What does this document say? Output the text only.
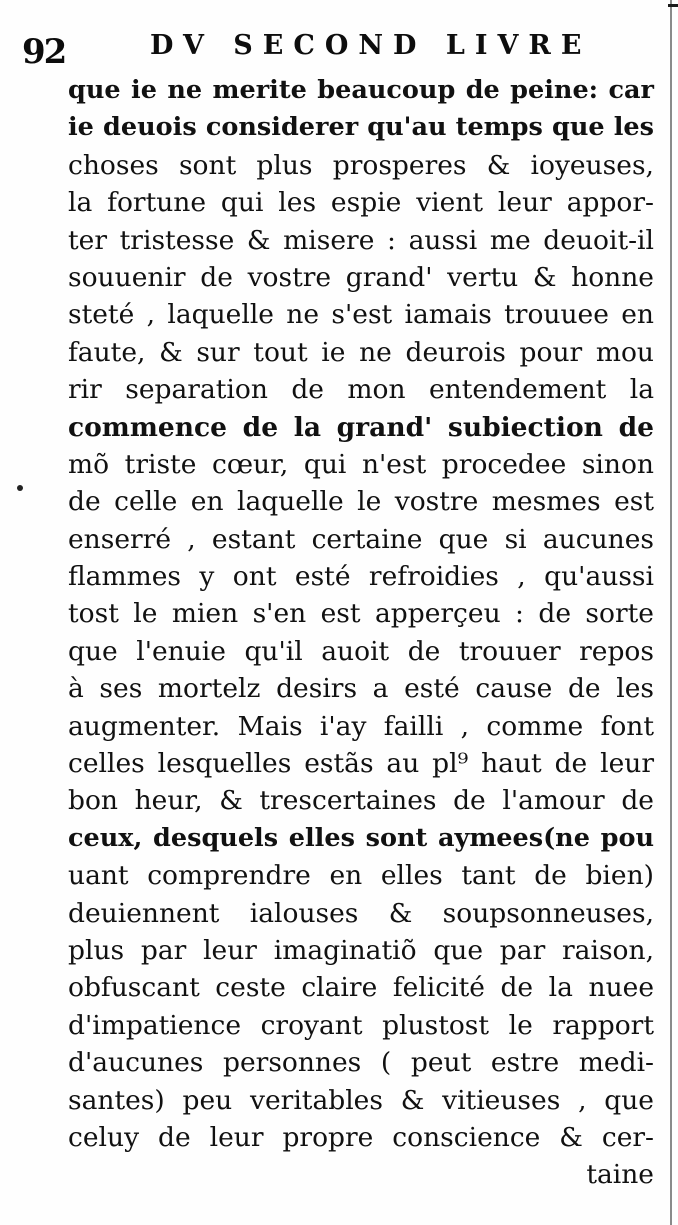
92	DV SECOND LIVRE
que ie ne merite beaucoup de peine: car
ie deuois considerer qu'au temps que les
choses sont plus prosperes & ioyeuses,
la fortune qui les espie vient leur appor-
ter tristesse & misere : aussi me deuoit-il
souuenir de vostre grand' vertu & honne
steté , laquelle ne s'est iamais trouuee en
faute, & sur tout ie ne deurois pour mou
rir separation de mon entendement la
commence de la grand' subiection de
mõ triste cœur, qui n'est procedee sinon
de celle en laquelle le vostre mesmes est
enserré , estant certaine que si aucunes
flammes y ont esté refroidies , qu'aussi
tost le mien s'en est apperçeu : de sorte
que l'enuie qu'il auoit de trouuer repos
à ses mortelz desirs a esté cause de les
augmenter. Mais i'ay failli , comme font
celles lesquelles estãs au pl⁹ haut de leur
bon heur, & trescertaines de l'amour de
ceux, desquels elles sont aymees(ne pou
uant comprendre en elles tant de bien)
deuiennent ialouses & soupsonneuses,
plus par leur imaginatiõ que par raison,
obfuscant ceste claire felicité de la nuee
d'impatience croyant plustost le rapport
d'aucunes personnes ( peut estre medi-
santes) peu veritables & vitieuses , que
celuy de leur propre conscience & cer-
taine
